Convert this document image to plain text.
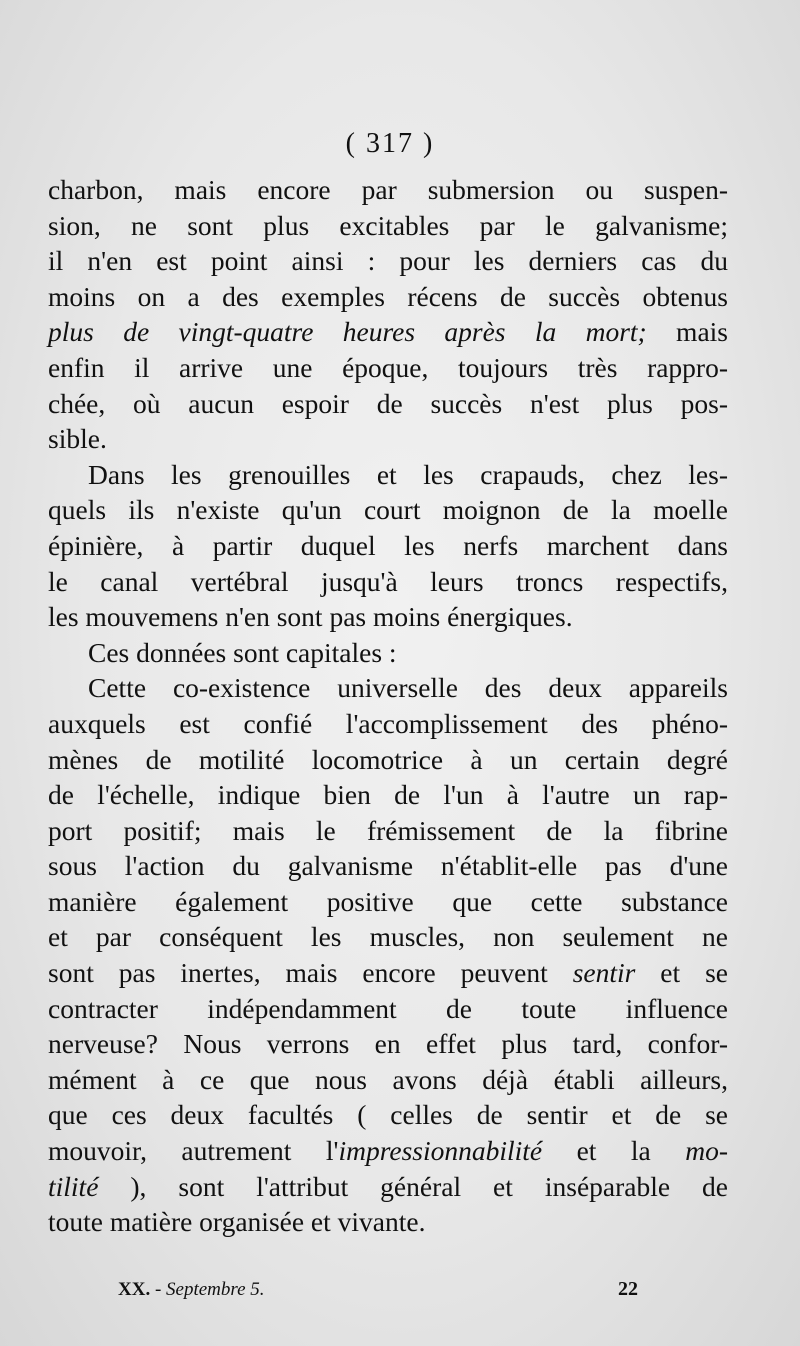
( 317 )
charbon, mais encore par submersion ou suspen-
sion, ne sont plus excitables par le galvanisme;
il n'en est point ainsi : pour les derniers cas du
moins on a des exemples récens de succès obtenus
plus de vingt-quatre heures après la mort; mais
enfin il arrive une époque, toujours très rappro-
chée, où aucun espoir de succès n'est plus pos-
sible.
Dans les grenouilles et les crapauds, chez les-
quels ils n'existe qu'un court moignon de la moelle
épinière, à partir duquel les nerfs marchent dans
le canal vertébral jusqu'à leurs troncs respectifs,
les mouvemens n'en sont pas moins énergiques.
Ces données sont capitales :
Cette co-existence universelle des deux appareils
auxquels est confié l'accomplissement des phéno-
mènes de motilité locomotrice à un certain degré
de l'échelle, indique bien de l'un à l'autre un rap-
port positif; mais le frémissement de la fibrine
sous l'action du galvanisme n'établit-elle pas d'une
manière également positive que cette substance
et par conséquent les muscles, non seulement ne
sont pas inertes, mais encore peuvent sentir et se
contracter indépendamment de toute influence
nerveuse? Nous verrons en effet plus tard, confor-
mément à ce que nous avons déjà établi ailleurs,
que ces deux facultés ( celles de sentir et de se
mouvoir, autrement l'impressionnabilité et la mo-
tilité ), sont l'attribut général et inséparable de
toute matière organisée et vivante.
XX. - Septembre 5.	22
